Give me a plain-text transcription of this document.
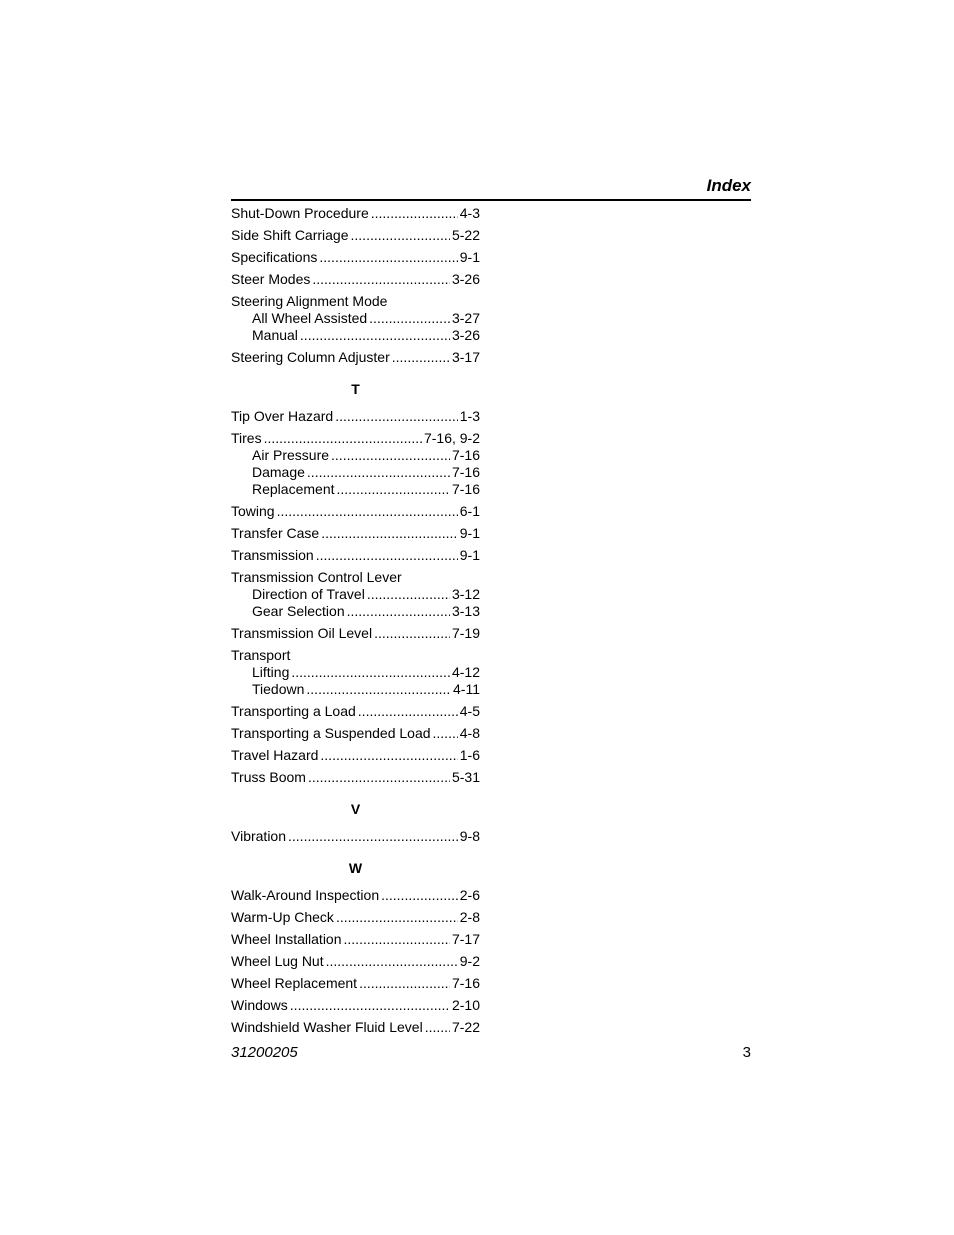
Index
Shut-Down Procedure .....	4-3
Side Shift Carriage .....	5-22
Specifications .....	9-1
Steer Modes .....	3-26
Steering Alignment Mode
All Wheel Assisted .....	3-27
Manual .....	3-26
Steering Column Adjuster .....	3-17
T
Tip Over Hazard .....	1-3
Tires .....	7-16, 9-2
Air Pressure .....	7-16
Damage .....	7-16
Replacement .....	7-16
Towing .....	6-1
Transfer Case .....	9-1
Transmission .....	9-1
Transmission Control Lever
Direction of Travel .....	3-12
Gear Selection .....	3-13
Transmission Oil Level .....	7-19
Transport
Lifting .....	4-12
Tiedown .....	4-11
Transporting a Load .....	4-5
Transporting a Suspended Load ..... 4-8
Travel Hazard .....	1-6
Truss Boom .....	5-31
V
Vibration .....	9-8
W
Walk-Around Inspection .....	2-6
Warm-Up Check .....	2-8
Wheel Installation .....	7-17
Wheel Lug Nut .....	9-2
Wheel Replacement .....	7-16
Windows .....	2-10
Windshield Washer Fluid Level ..... 7-22
31200205	3
